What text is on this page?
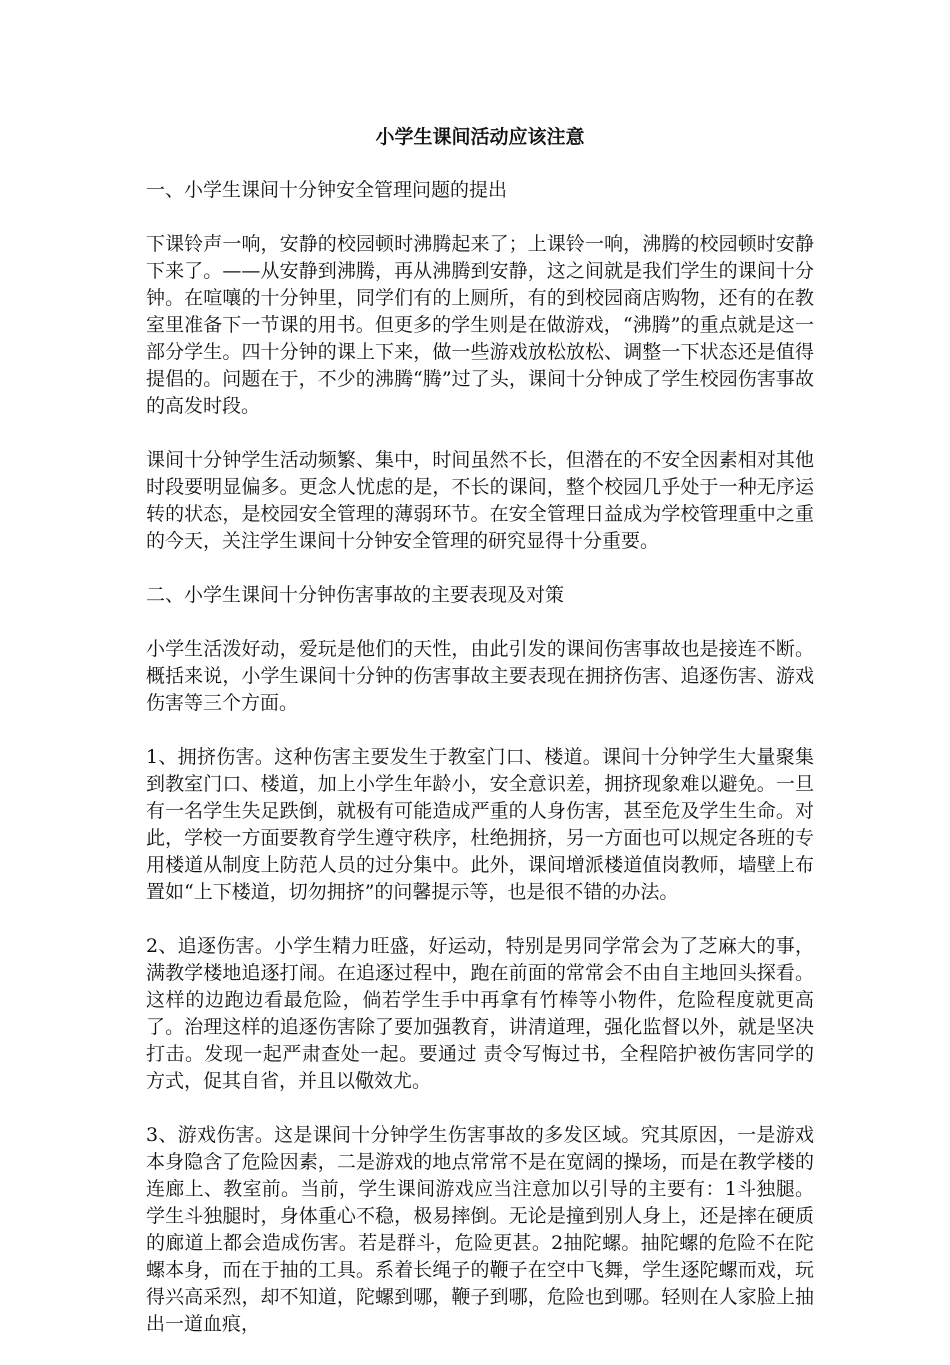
小学生课间活动应该注意
一、小学生课间十分钟安全管理问题的提出

下课铃声一响，安静的校园顿时沸腾起来了；上课铃一响，沸腾的校园顿时安静下来了。——从安静到沸腾，再从沸腾到安静，这之间就是我们学生的课间十分钟。在喧嚷的十分钟里，同学们有的上厕所，有的到校园商店购物，还有的在教室里准备下一节课的用书。但更多的学生则是在做游戏，“沸腾”的重点就是这一部分学生。四十分钟的课上下来，做一些游戏放松放松、调整一下状态还是值得提倡的。问题在于，不少的沸腾“腾”过了头，课间十分钟成了学生校园伤害事故的高发时段。

课间十分钟学生活动频繁、集中，时间虽然不长，但潜在的不安全因素相对其他时段要明显偏多。更念人忧虑的是，不长的课间，整个校园几乎处于一种无序运转的状态，是校园安全管理的薄弱环节。在安全管理日益成为学校管理重中之重的今天，关注学生课间十分钟安全管理的研究显得十分重要。

二、小学生课间十分钟伤害事故的主要表现及对策

小学生活泼好动，爱玩是他们的天性，由此引发的课间伤害事故也是接连不断。概括来说，小学生课间十分钟的伤害事故主要表现在拥挤伤害、追逐伤害、游戏伤害等三个方面。

1、拥挤伤害。这种伤害主要发生于教室门口、楼道。课间十分钟学生大量聚集到教室门口、楼道，加上小学生年龄小，安全意识差，拥挤现象难以避免。一旦有一名学生失足跌倒，就极有可能造成严重的人身伤害，甚至危及学生生命。对此，学校一方面要教育学生遵守秩序，杜绝拥挤，另一方面也可以规定各班的专用楼道从制度上防范人员的过分集中。此外，课间增派楼道值岗教师，墙壁上布置如“上下楼道，切勿拥挤”的问馨提示等，也是很不错的办法。

2、追逐伤害。小学生精力旺盛，好运动，特别是男同学常会为了芝麻大的事，满教学楼地追逐打闹。在追逐过程中，跑在前面的常常会不由自主地回头探看。这样的边跑边看最危险，倘若学生手中再拿有竹棒等小物件，危险程度就更高了。治理这样的追逐伤害除了要加强教育，讲清道理，强化监督以外，就是坚决打击。发现一起严肃查处一起。要通过 责令写悔过书，全程陪护被伤害同学的方式，促其自省，并且以儆效尤。

3、游戏伤害。这是课间十分钟学生伤害事故的多发区域。究其原因，一是游戏本身隐含了危险因素，二是游戏的地点常常不是在宽阔的操场，而是在教学楼的连廊上、教室前。当前，学生课间游戏应当注意加以引导的主要有：1斗独腿。学生斗独腿时，身体重心不稳，极易摔倒。无论是撞到别人身上，还是摔在硬质的廊道上都会造成伤害。若是群斗，危险更甚。2抽陀螺。抽陀螺的危险不在陀螺本身，而在于抽的工具。系着长绳子的鞭子在空中飞舞，学生逐陀螺而戏，玩得兴高采烈，却不知道，陀螺到哪，鞭子到哪，危险也到哪。轻则在人家脸上抽出一道血痕，
